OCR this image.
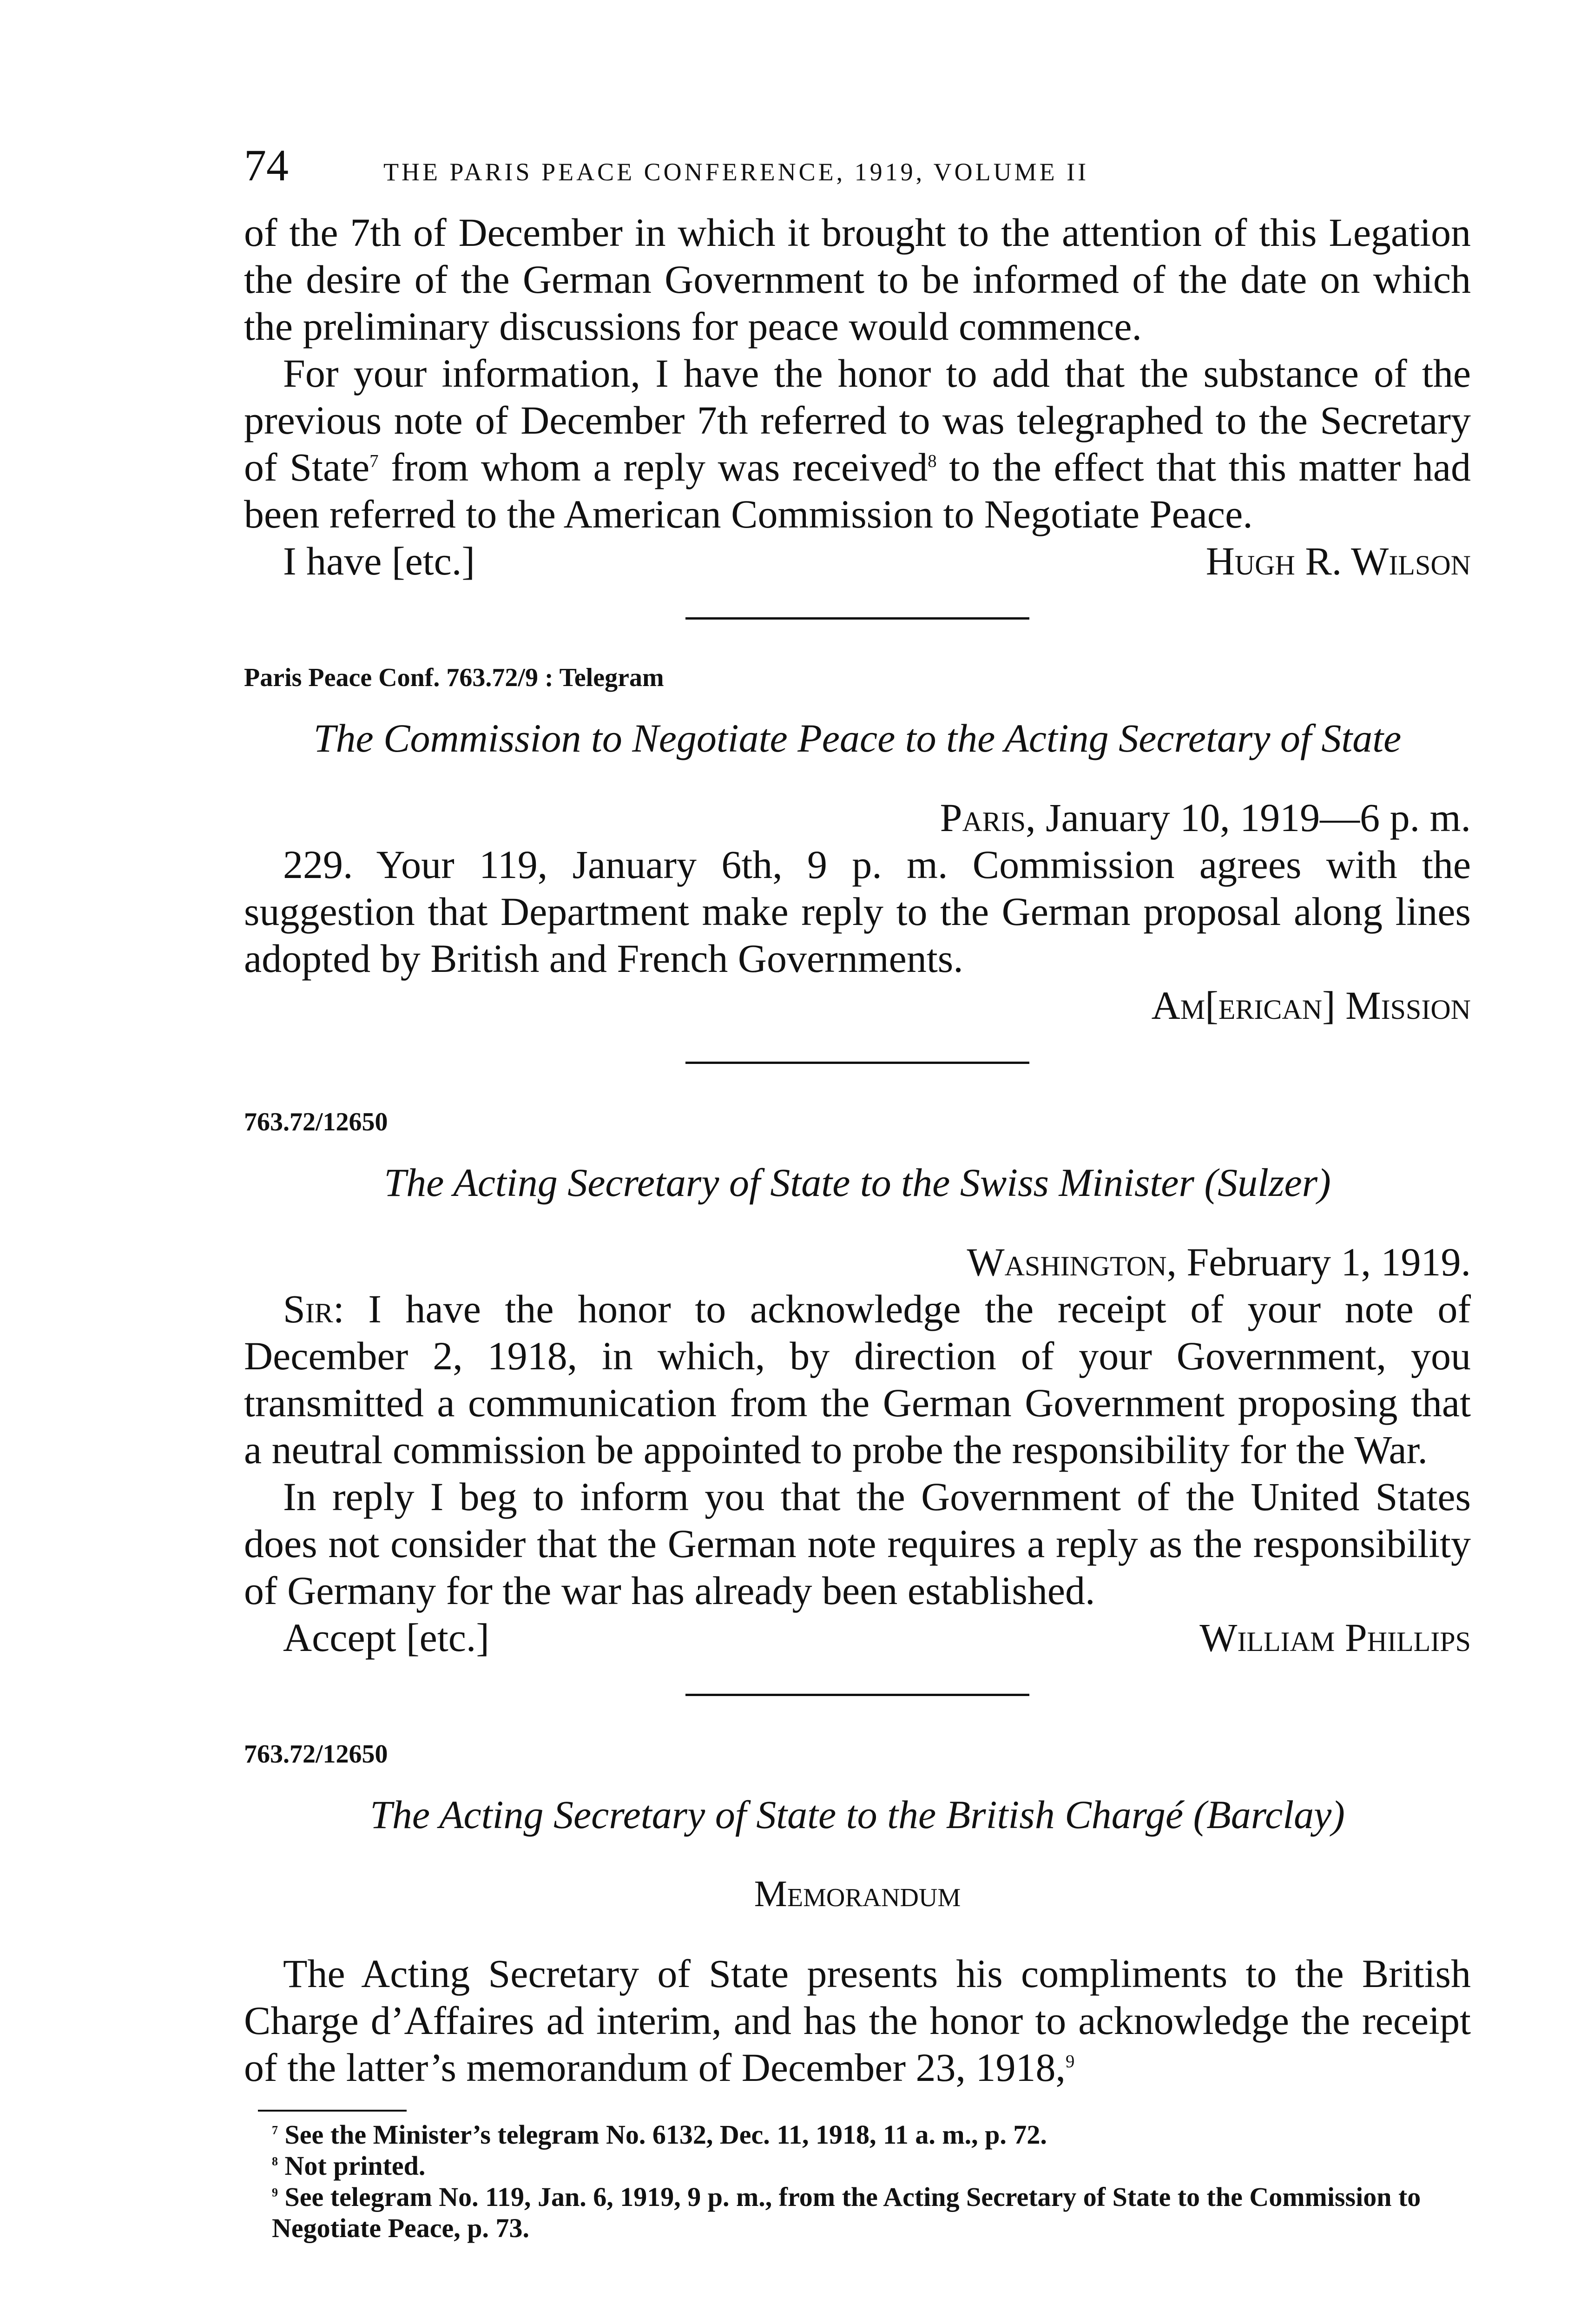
74	THE PARIS PEACE CONFERENCE, 1919, VOLUME II

of the 7th of December in which it brought to the attention of this Legation the desire of the German Government to be informed of the date on which the preliminary discussions for peace would commence.

For your information, I have the honor to add that the substance of the previous note of December 7th referred to was telegraphed to the Secretary of State$^7$ from whom a reply was received$^8$ to the effect that this matter had been referred to the American Commission to Negotiate Peace.

I have [etc.]	Hugh R. Wilson
Paris Peace Conf. 763.72/9 : Telegram
The Commission to Negotiate Peace to the Acting Secretary of State
Paris, January 10, 1919—6 p. m.

229. Your 119, January 6th, 9 p. m. Commission agrees with the suggestion that Department make reply to the German proposal along lines adopted by British and French Governments.

Am[erican] Mission
763.72/12650
The Acting Secretary of State to the Swiss Minister (Sulzer)
Washington, February 1, 1919.

Sir: I have the honor to acknowledge the receipt of your note of December 2, 1918, in which, by direction of your Government, you transmitted a communication from the German Government proposing that a neutral commission be appointed to probe the responsibility for the War.

In reply I beg to inform you that the Government of the United States does not consider that the German note requires a reply as the responsibility of Germany for the war has already been established.

Accept [etc.]	William Phillips
763.72/12650
The Acting Secretary of State to the British Chargé (Barclay)
Memorandum

The Acting Secretary of State presents his compliments to the British Charge d’Affaires ad interim, and has the honor to acknowledge the receipt of the latter’s memorandum of December 23, 1918,$^9$

$^7$ See the Minister’s telegram No. 6132, Dec. 11, 1918, 11 a. m., p. 72.
$^8$ Not printed.
$^9$ See telegram No. 119, Jan. 6, 1919, 9 p. m., from the Acting Secretary of State to the Commission to Negotiate Peace, p. 73.
